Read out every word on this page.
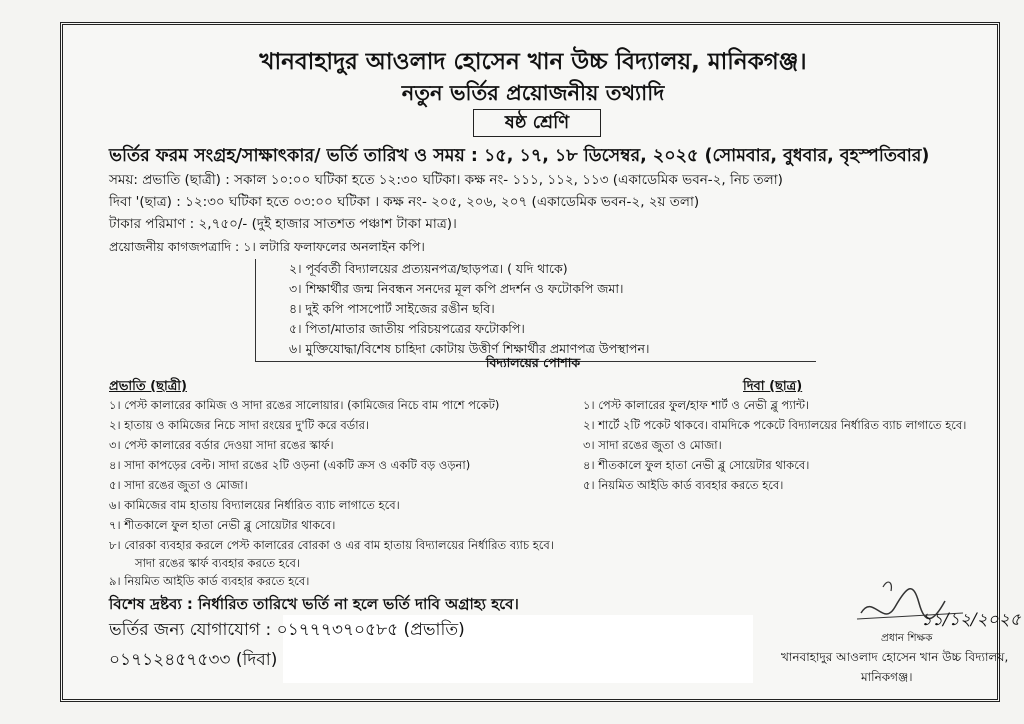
খানবাহাদুর আওলাদ হোসেন খান উচ্চ বিদ্যালয়, মানিকগঞ্জ।
নতুন ভর্তির প্রয়োজনীয় তথ্যাদি
ষষ্ঠ শ্রেণি
ভর্তির ফরম সংগ্রহ/সাক্ষাৎকার/ ভর্তি তারিখ ও সময় : ১৫, ১৭, ১৮ ডিসেম্বর, ২০২৫ (সোমবার, বুধবার, বৃহস্পতিবার)
সময়: প্রভাতি (ছাত্রী) : সকাল ১০:০০ ঘটিকা হতে ১২:৩০ ঘটিকা। কক্ষ নং- ১১১, ১১২, ১১৩ (একাডেমিক ভবন-২, নিচ তলা)
দিবা '(ছাত্র) : ১২:৩০ ঘটিকা হতে ০৩:০০ ঘটিকা । কক্ষ নং- ২০৫, ২০৬, ২০৭ (একাডেমিক ভবন-২, ২য় তলা)
টাকার পরিমাণ : ২,৭৫০/- (দুই হাজার সাতশত পঞ্চাশ টাকা মাত্র)।
প্রয়োজনীয় কাগজপত্রাদি : ১। লটারি ফলাফলের অনলাইন কপি।
২। পূর্ববর্তী বিদ্যালয়ের প্রত্যয়নপত্র/ছাড়পত্র। ( যদি থাকে)
৩। শিক্ষার্থীর জন্ম নিবন্ধন সনদের মূল কপি প্রদর্শন ও ফটোকপি জমা।
৪। দুই কপি পাসপোর্ট সাইজের রঙীন ছবি।
৫। পিতা/মাতার জাতীয় পরিচয়পত্রের ফটোকপি।
৬। মুক্তিযোদ্ধা/বিশেষ চাহিদা কোটায় উত্তীর্ণ শিক্ষার্থীর প্রমাণপত্র উপস্থাপন।
বিদ্যালয়ের পোশাক
প্রভাতি (ছাত্রী)	দিবা (ছাত্র)
১। পেস্ট কালারের কামিজ ও সাদা রঙের সালোয়ার। (কামিজের নিচে বাম পাশে পকেট)
২। হাতায় ও কামিজের নিচে সাদা রংয়ের দু'টি করে বর্ডার।
৩। পেস্ট কালারের বর্ডার দেওয়া সাদা রঙের স্কার্ফ।
৪। সাদা কাপড়ের বেল্ট। সাদা রঙের ২টি ওড়না (একটি ক্রস ও একটি বড় ওড়না)
৫। সাদা রঙের জুতা ও মোজা।
৬। কামিজের বাম হাতায় বিদ্যালয়ের নির্ধারিত ব্যাচ লাগাতে হবে।
৭। শীতকালে ফুল হাতা নেভী ব্লু সোয়েটার থাকবে।
৮। বোরকা ব্যবহার করলে পেস্ট কালারের বোরকা ও এর বাম হাতায় বিদ্যালয়ের নির্ধারিত ব্যাচ হবে।
সাদা রঙের স্কার্ফ ব্যবহার করতে হবে।
৯। নিয়মিত আইডি কার্ড ব্যবহার করতে হবে।
১। পেস্ট কালারের ফুল/হাফ শার্ট ও নেভী ব্লু প্যান্ট।
২। শার্টে ২টি পকেট থাকবে। বামদিকে পকেটে বিদ্যালয়ের নির্ধারিত ব্যাচ লাগাতে হবে।
৩। সাদা রঙের জুতা ও মোজা।
৪। শীতকালে ফুল হাতা নেভী ব্লু সোয়েটার থাকবে।
৫। নিয়মিত আইডি কার্ড ব্যবহার করতে হবে।
বিশেষ দ্রষ্টব্য : নির্ধারিত তারিখে ভর্তি না হলে ভর্তি দাবি অগ্রাহ্য হবে।
ভর্তির জন্য যোগাযোগ : ০১৭৭৭৩৭০৫৮৫ (প্রভাতি)
০১৭১২৪৫৭৫৩৩ (দিবা)
১১/১২/২০২৫
প্রধান শিক্ষক
খানবাহাদুর আওলাদ হোসেন খান উচ্চ বিদ্যালয়,
মানিকগঞ্জ।
